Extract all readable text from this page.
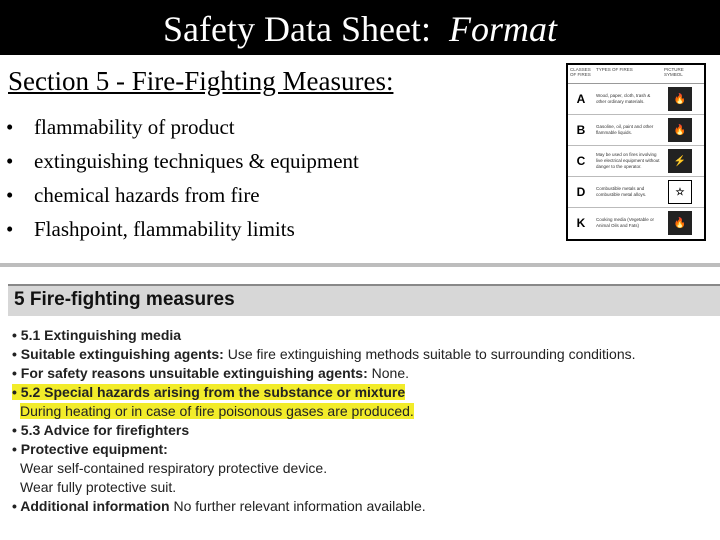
Safety Data Sheet: Format
Section 5 - Fire-Fighting Measures:
• flammability of product
• extinguishing techniques & equipment
• chemical hazards from fire
• Flashpoint, flammability limits
CLASSES OF FIRES
TYPES OF FIRES	PICTURE SYMBOL
A	Wood, paper, cloth, trash & other ordinary materials.	🔥
B	Gasoline, oil, paint and other flammable liquids.	🔥
C	May be used on fires involving live electrical equipment without danger to the operator.	⚡
D	Combustible metals and combustible metal alloys.	☆
K	Cooking media (Vegetable or Animal Oils and Fats)	🔥
5 Fire-fighting measures
• 5.1 Extinguishing media
• Suitable extinguishing agents: Use fire extinguishing methods suitable to surrounding conditions.
• For safety reasons unsuitable extinguishing agents: None.
• 5.2 Special hazards arising from the substance or mixture
During heating or in case of fire poisonous gases are produced.
• 5.3 Advice for firefighters
• Protective equipment:
Wear self-contained respiratory protective device.
Wear fully protective suit.
• Additional information No further relevant information available.
